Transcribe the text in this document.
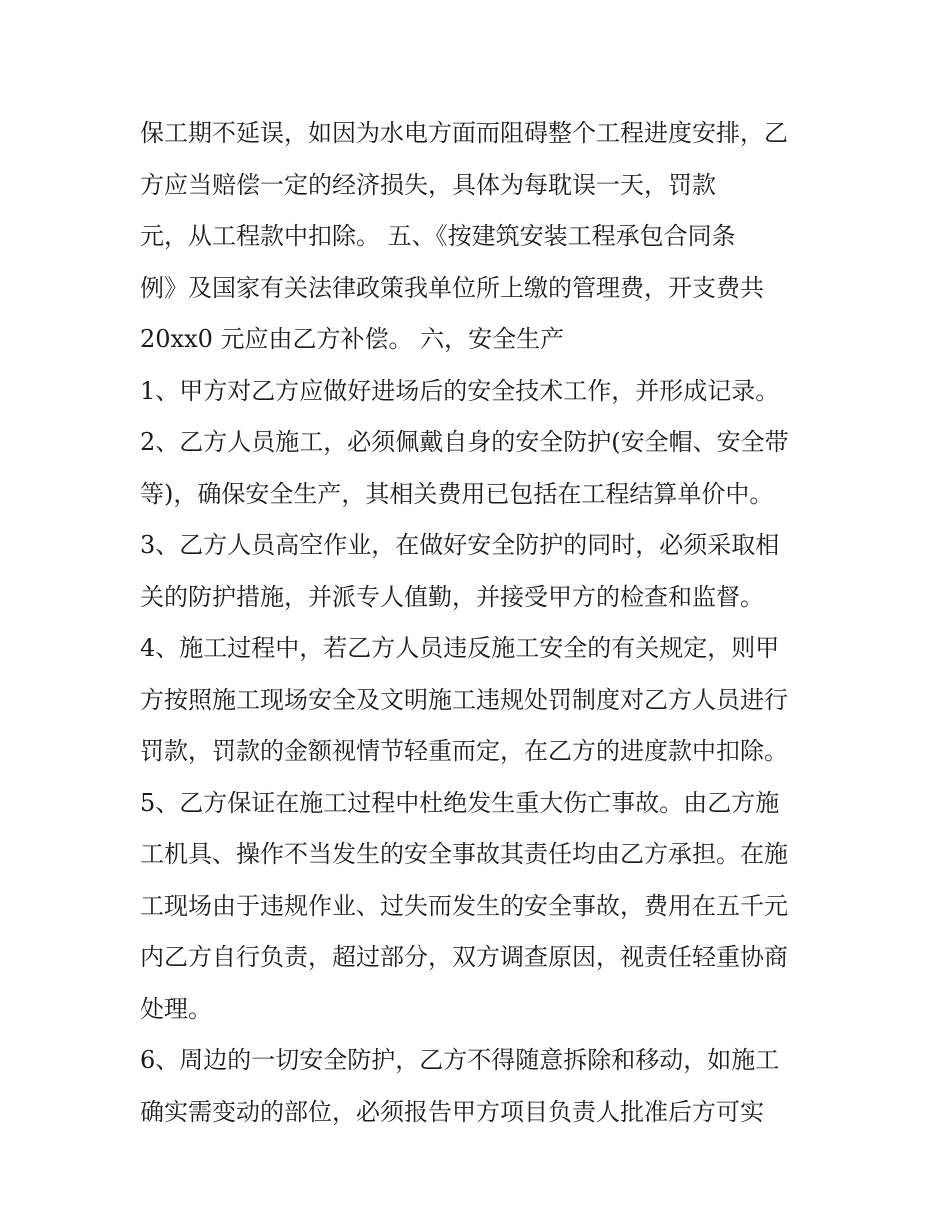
保工期不延误，如因为水电方面而阻碍整个工程进度安排，乙
方应当赔偿一定的经济损失，具体为每耽误一天，罚款
元，从工程款中扣除。 五、《按建筑安装工程承包合同条
例》及国家有关法律政策我单位所上缴的管理费，开支费共
20xx0 元应由乙方补偿。 六，安全生产
1、甲方对乙方应做好进场后的安全技术工作，并形成记录。
2、乙方人员施工，必须佩戴自身的安全防护(安全帽、安全带
等)，确保安全生产，其相关费用已包括在工程结算单价中。
3、乙方人员高空作业，在做好安全防护的同时，必须采取相
关的防护措施，并派专人值勤，并接受甲方的检查和监督。
4、施工过程中，若乙方人员违反施工安全的有关规定，则甲
方按照施工现场安全及文明施工违规处罚制度对乙方人员进行
罚款，罚款的金额视情节轻重而定，在乙方的进度款中扣除。
5、乙方保证在施工过程中杜绝发生重大伤亡事故。由乙方施
工机具、操作不当发生的安全事故其责任均由乙方承担。在施
工现场由于违规作业、过失而发生的安全事故，费用在五千元
内乙方自行负责，超过部分，双方调查原因，视责任轻重协商
处理。
6、周边的一切安全防护，乙方不得随意拆除和移动，如施工
确实需变动的部位，必须报告甲方项目负责人批准后方可实
